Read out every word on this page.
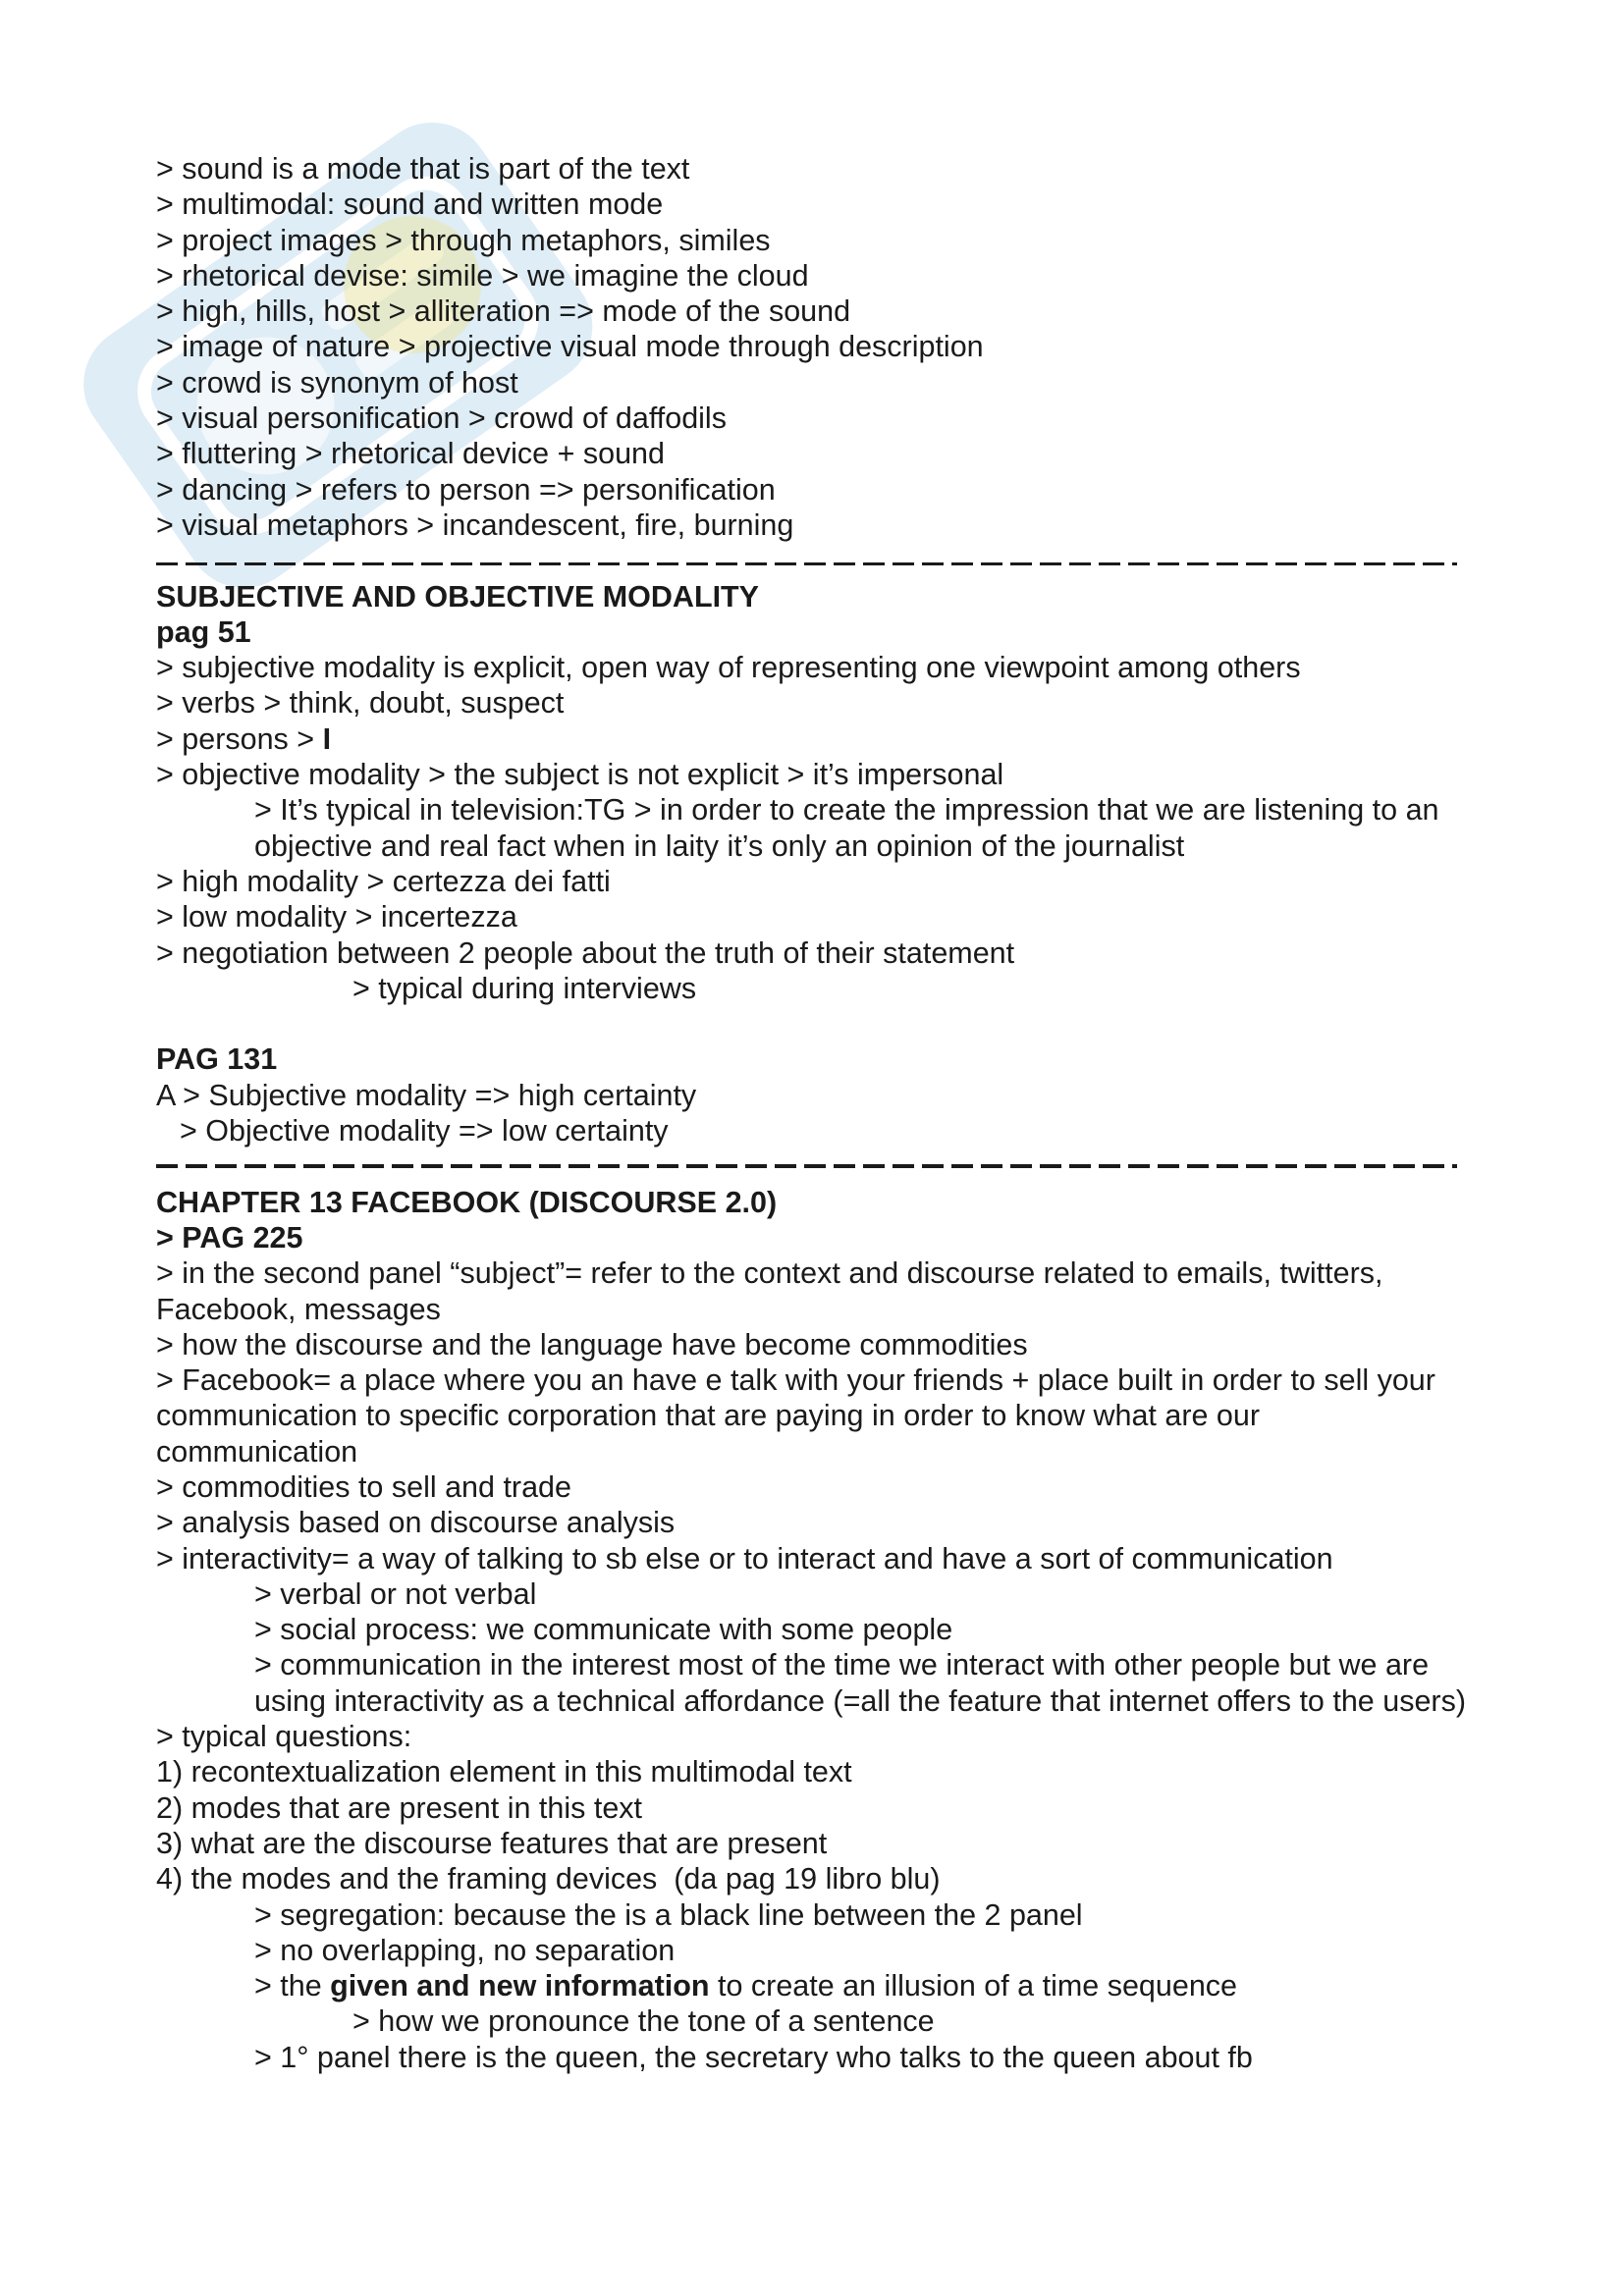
> sound is a mode that is part of the text

> multimodal: sound and written mode

> project images > through metaphors, similes

> rhetorical devise: simile > we imagine the cloud

> high, hills, host > alliteration => mode of the sound

> image of nature > projective visual mode through description

> crowd is synonym of host

> visual personification > crowd of daffodils

> fluttering > rhetorical device + sound

> dancing > refers to person => personification

> visual metaphors > incandescent, fire, burning

SUBJECTIVE AND OBJECTIVE MODALITY

pag 51

> subjective modality is explicit, open way of representing one viewpoint among others

> verbs > think, doubt, suspect

> persons > I

> objective modality > the subject is not explicit > it’s impersonal

> It’s typical in television:TG > in order to create the impression that we are listening to an objective and real fact when in laity it’s only an opinion of the journalist

> high modality > certezza dei fatti

> low modality > incertezza

> negotiation between 2 people about the truth of their statement

> typical during interviews

PAG 131

A > Subjective modality => high certainty

> Objective modality => low certainty

CHAPTER 13 FACEBOOK (DISCOURSE 2.0)

> PAG 225

> in the second panel “subject”= refer to the context and discourse related to emails, twitters, Facebook, messages

> how the discourse and the language have become commodities

> Facebook= a place where you an have e talk with your friends + place built in order to sell your communication to specific corporation that are paying in order to know what are our communication

> commodities to sell and trade

> analysis based on discourse analysis

> interactivity= a way of talking to sb else or to interact and have a sort of communication

> verbal or not verbal

> social process: we communicate with some people

> communication in the interest most of the time we interact with other people but we are using interactivity as a technical affordance (=all the feature that internet offers to the users)

> typical questions:

1) recontextualization element in this multimodal text

2) modes that are present in this text

3) what are the discourse features that are present

4) the modes and the framing devices  (da pag 19 libro blu)

> segregation: because the is a black line between the 2 panel

> no overlapping, no separation

> the given and new information to create an illusion of a time sequence

> how we pronounce the tone of a sentence

> 1° panel there is the queen, the secretary who talks to the queen about fb
